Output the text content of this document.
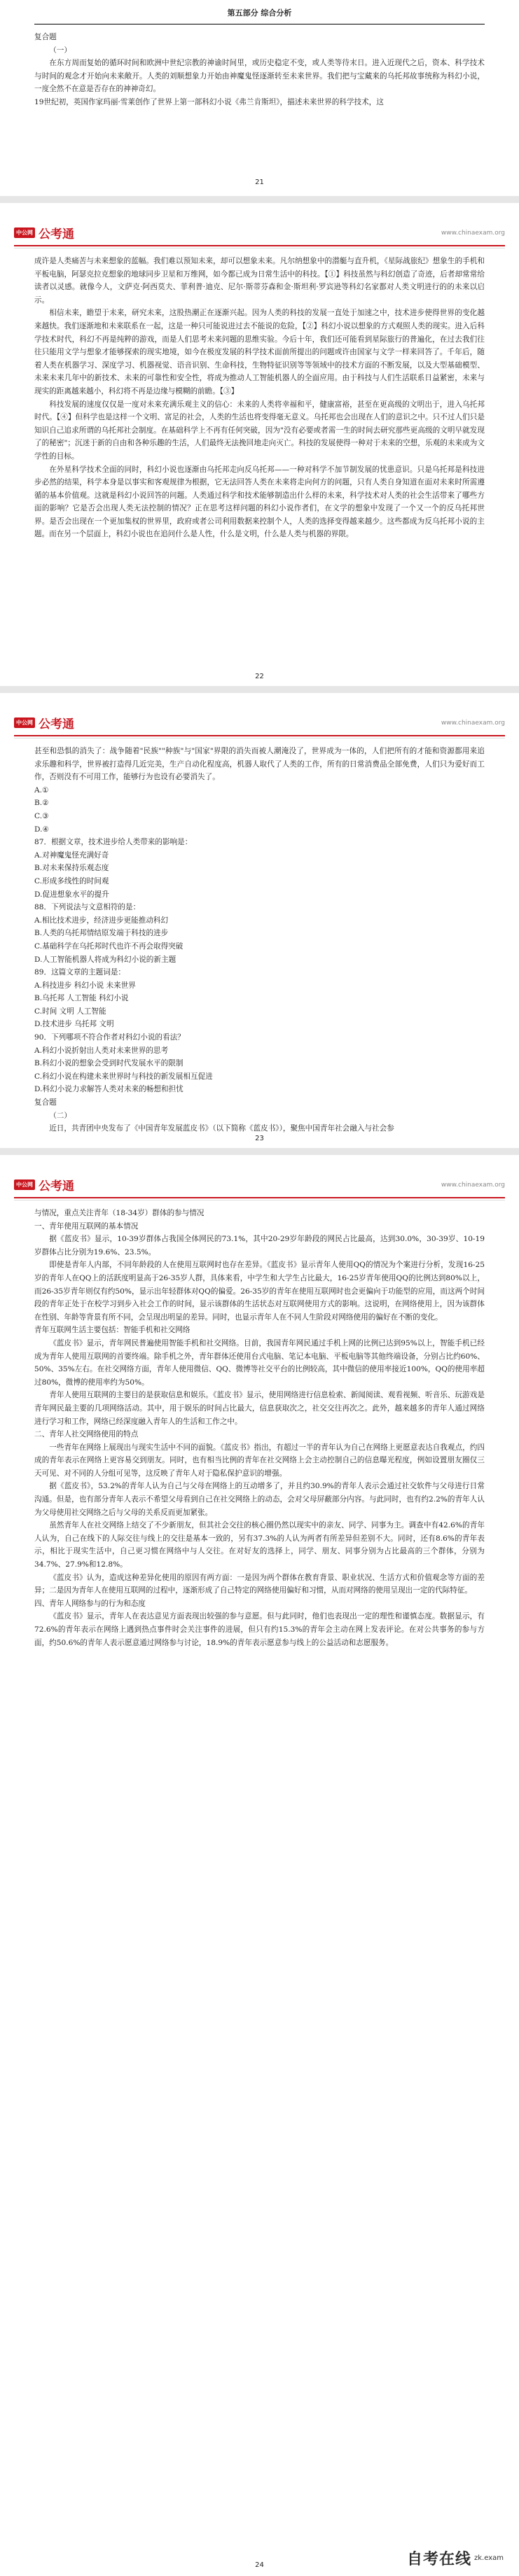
第五部分 综合分析

复合题

（一）

在东方周而复始的循环时间和欧洲中世纪宗教的神谕时间里，或历史稳定不变，或人类等待末日。进入近现代之后，资本、科学技术与时间的观念才开始向未来敞开。人类的刘顺想象力开始由神魔鬼怪逐渐转至未来世界。我们把与宝藏来的乌托邦故事统称为科幻小说，一度全然不在意是否存在的神神奇幻。

19世纪初，英国作家玛丽·雪莱创作了世界上第一部科幻小说《弗兰肯斯坦》，描述未来世界的科学技术，这

21
中公网 公考通	www.chinaexam.org

成许是人类痛苦与未来想象的蓝幅。我们难以预知未来，却可以想象未来。凡尔纳想象中的潜艇与直升机，《星际战旅纪》想象生的手机和平板电脑，阿瑟克拉克想象的地球同步卫星和万维网，如今都已成为日常生活中的科技。【①】科技虽然与科幻创造了奇迹，后者却常常给读者以灵感。就像今人，文萨克·阿西莫夫、菲利普·迪克、尼尔·斯蒂芬森和金·斯坦利·罗宾逊等科幻名家都对人类文明进行的的未来以启示。

相信未来，瞻望于未来，研究未来，这股热潮正在逐渐兴起。因为人类的科技的发展一直处于加速之中，技术进步使得世界的变化越来越快。我们逐渐地和未来联系在一起，这是一种只可能说进过去不能说的危险，【②】科幻小说以想象的方式观照人类的现实。进入后科学技术时代，科幻不再是纯粹的游戏，而是人们思考未来问题的思维实验。今后十年，我们还可能看到星际旅行的普遍化，在过去我们往往只能用文学与想象才能够探索的现实地境，如今在极度发展的科学技术面前所提出的问题或许由国家与文学一样来回答了。千年后，随着人类在机器学习、深度学习、机器视觉、语音识别、生命科技，生物特征识别等等领域中的技术方面的不断发展，以及大型基础模型、未来未来几年中的新技术、未来的可靠性和安全性，将成为推动人工智能机器人的全面应用。由于科技与人们生活联系日益紧密，未来与现实的距离越来越小，科幻将不再是边缘与模糊的前瞻。【③】

科技发展的速度仅仅是一度对未来充满乐观主义的信心：未来的人类将幸福和平，健康富裕，甚至在更高级的文明出于，进入乌托邦时代。【④】但科学也是这样一个文明、富足的社会，人类的生活也将变得毫无意义。乌托邦也会出现在人们的意识之中。只不过人们只是知识自己追求所谓的乌托邦社会制度。在基础科学上不再有任何突破，因为"没有必要或者需一生的时间去研究那些更高级的文明早就发现了的秘密"；沉迷于新的自由和各种乐趣的生活，人们最终无法挽回地走向灭亡。科技的发展使得一种对于未来的空想，乐观的未来成为文学性的目标。

在外星科学技术全面的同时，科幻小说也逐渐由乌托邦走向反乌托邦——一种对科学不加节制发展的忧患意识。只是乌托邦是科技进步必然的结果，科学本身是以事实和客观规律为根据，它无法回答人类在未来将走向何方的问题，只有人类自身知道在面对未来时所需遵循的基本价值观。这就是科幻小说回答的问题。人类通过科学和技术能够制造出什么样的未来，科学技术对人类的社会生活带来了哪些方面的影响？它是否会出现人类无法控制的情况？正在思考这样问题的科幻小说作者们，在文学的想象中发现了一个又一个的反乌托邦世界。是否会出现在一个更加集权的世界里，政府或者公司利用数据来控制个人，人类的选择变得越来越少。这些都成为反乌托邦小说的主题。而在另一个层面上，科幻小说也在追问什么是人性，什么是文明，什么是人类与机器的界限。

22
中公网 公考通	www.chinaexam.org

甚至和恐惧的消失了：战争随着"民族""种族"与"国家"界限的消失而被人潮淹没了，世界成为一体的，人们把所有的才能和资源都用来追求乐趣和科学，世界被打造得几近完美，生产自动化程度高，机器人取代了人类的工作，所有的日常消费品全部免费，人们只为爱好而工作，否则没有不可用工作，能够行为也设有必要消失了。

A.①

B.②

C.③

D.④

87．根据文章，技术进步给人类带来的影响是：

A.对神魔鬼怪充满好奇

B.对未来保持乐观态度

C.形成多线性的时间观

D.促进想象水平的提升

88．下列说法与文意相符的是：

A.相比技术进步，经济进步更能推动科幻

B.人类的乌托邦情结原发端于科技的进步

C.基础科学在乌托邦时代也许不再会取得突破

D.人工智能机器人将成为科幻小说的新主题

89．这篇文章的主题词是：

A.科技进步 科幻小说 未来世界

B.乌托邦 人工智能 科幻小说

C.时间 文明 人工智能

D.技术进步 乌托邦 文明

90．下列哪项不符合作者对科幻小说的看法？

A.科幻小说折射出人类对未来世界的思考

B.科幻小说的想象会受到时代发展水平的限制

C.科幻小说在构建未来世界时与科技的新发展相互促进

D.科幻小说力求解答人类对未来的畅想和担忧

复合题

（二）

近日，共青团中央发布了《中国青年发展蓝皮书》（以下简称《蓝皮书》），聚焦中国青年社会融入与社会参

23
中公网 公考通	www.chinaexam.org

与情况，重点关注青年（18-34岁）群体的参与情况

一、青年使用互联网的基本情况

据《蓝皮书》显示，10-39岁群体占我国全体网民的73.1%，其中20-29岁年龄段的网民占比最高，达到30.0%，30-39岁、10-19岁群体占比分别为19.6%、23.5%。

即使是青年人内部，不同年龄段的人在使用互联网时也存在差异。《蓝皮书》显示青年人使用QQ的情况为个案进行分析，发现16-25岁的青年人在QQ上的活跃度明显高于26-35岁人群，具体来看，中学生和大学生占比最大，16-25岁青年使用QQ的比例达到80%以上，而26-35岁青年则仅有约50%，显示出年轻群体对QQ的偏爱。26-35岁的青年在使用互联网时也会更偏向于功能型的应用，而这两个时间段的青年正处于在校学习到步入社会工作的时间，显示该群体的生活状态对互联网使用方式的影响。这说明，在网络使用上，因为该群体在性别、年龄等背景有所不同，会呈现出明显的差异。同时，也显示青年人在不同人生阶段对网络使用的偏好在不断的变化。

青年互联网生活主要包括：智能手机和社交网络

《蓝皮书》显示，青年网民普遍使用智能手机和社交网络。目前，我国青年网民通过手机上网的比例已达到95%以上，智能手机已经成为青年人使用互联网的首要终端。除手机之外，青年群体还使用台式电脑、笔记本电脑、平板电脑等其他终端设备，分别占比约60%、50%、35%左右。在社交网络方面，青年人使用微信、QQ、微博等社交平台的比例较高，其中微信的使用率接近100%，QQ的使用率超过80%，微博的使用率约为50%。

青年人使用互联网的主要目的是获取信息和娱乐。《蓝皮书》显示，使用网络进行信息检索、新闻阅读、观看视频、听音乐、玩游戏是青年网民最主要的几项网络活动。其中，用于娱乐的时间占比最大，信息获取次之，社交交往再次之。此外，越来越多的青年人通过网络进行学习和工作，网络已经深度融入青年人的生活和工作之中。

二、青年人社交网络使用的特点

一些青年在网络上展现出与现实生活中不同的面貌。《蓝皮书》指出，有超过一半的青年认为自己在网络上更愿意表达自我观点，约四成的青年表示在网络上更容易交到朋友。同时，也有相当比例的青年在社交网络上会主动控制自己的信息曝光程度，例如设置朋友圈仅三天可见、对不同的人分组可见等，这反映了青年人对于隐私保护意识的增强。

据《蓝皮书》，53.2%的青年人认为自己与父母在网络上的互动增多了，并且约30.9%的青年人表示会通过社交软件与父母进行日常沟通。但是，也有部分青年人表示不希望父母看到自己在社交网络上的动态，会对父母屏蔽部分内容。与此同时，也有约2.2%的青年人认为父母使用社交网络之后与父母的关系反而更加紧张。

虽然青年人在社交网络上结交了不少新朋友，但其社会交往的核心圈仍然以现实中的亲友、同学、同事为主。调查中有42.6%的青年人认为，自己在线下的人际交往与线上的交往是基本一致的，另有37.3%的人认为两者有所差异但差别不大。同时，还有8.6%的青年表示，相比于现实生活中，自己更习惯在网络中与人交往。在对好友的选择上，同学、朋友、同事分别为占比最高的三个群体，分别为34.7%、27.9%和12.8%。

《蓝皮书》认为，造成这种差异化使用的原因有两方面：一是因为两个群体在教育背景、职业状况、生活方式和价值观念等方面的差异；二是因为青年人在使用互联网的过程中，逐渐形成了自己特定的网络使用偏好和习惯，从而对网络的使用呈现出一定的代际特征。

四、青年人网络参与的行为和态度

《蓝皮书》显示，青年人在表达意见方面表现出较强的参与意愿。但与此同时，他们也表现出一定的理性和谨慎态度。数据显示，有72.6%的青年表示在网络上遇到热点事件时会关注事件的进展，但只有约15.3%的青年会主动在网上发表评论。在对公共事务的参与方面，约50.6%的青年人表示愿意通过网络参与讨论，18.9%的青年表示愿意参与线上的公益活动和志愿服务。

24	自考在线 zk.exam
